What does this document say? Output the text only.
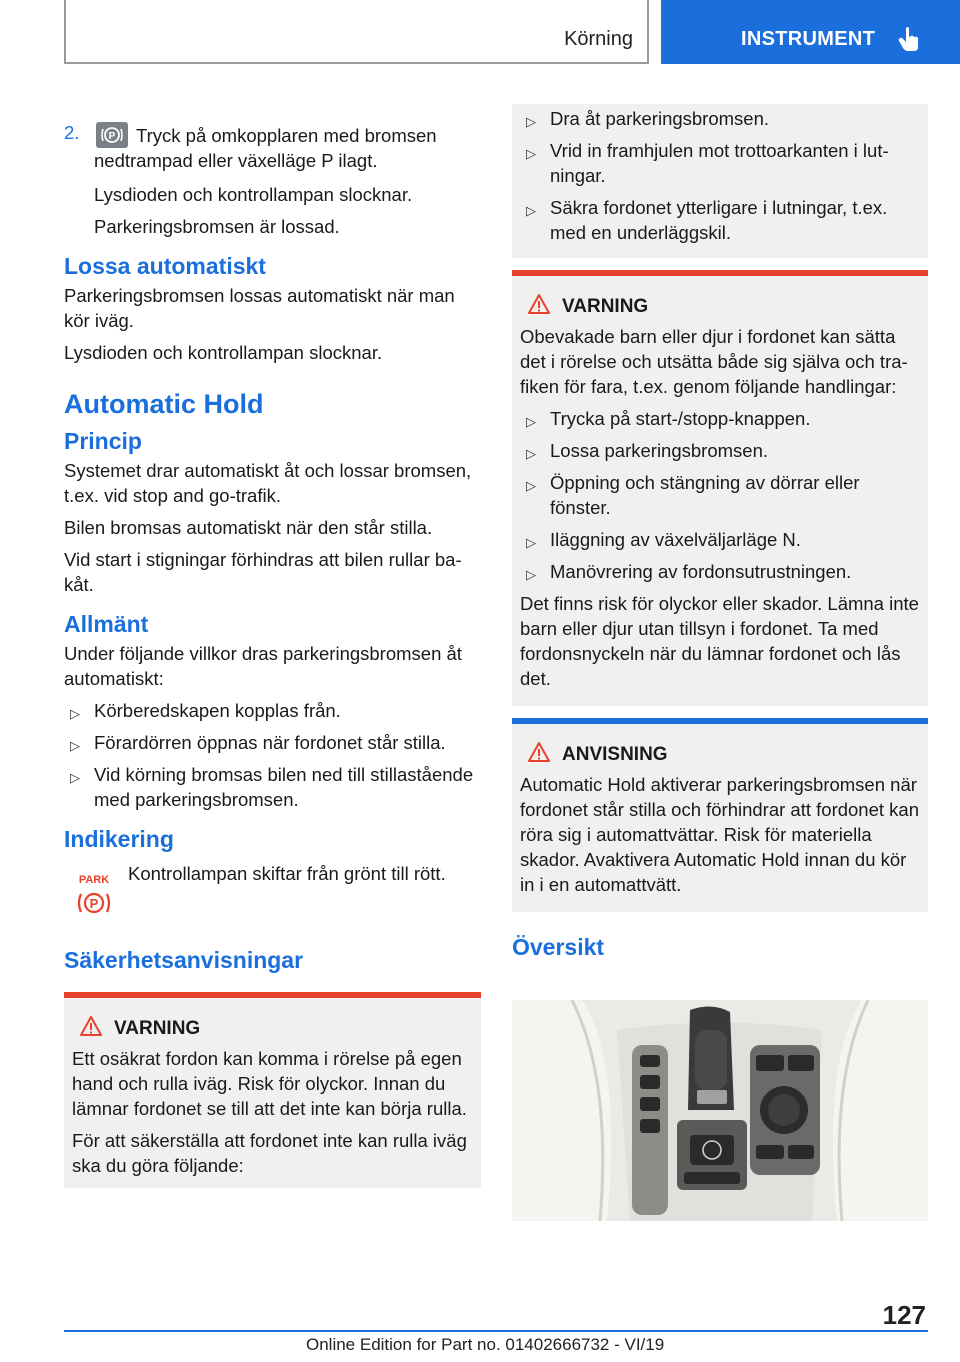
Körning	INSTRUMENT
2.	P Tryck på omkopplaren med bromsen nedtrampad eller växelläge P ilagt.

Lysdioden och kontrollampan slocknar.

Parkeringsbromsen är lossad.

Lossa automatiskt

Parkeringsbromsen lossas automatiskt när man kör iväg.

Lysdioden och kontrollampan slocknar.

Automatic Hold
Princip

Systemet drar automatiskt åt och lossar bromsen, t.ex. vid stop and go-trafik.

Bilen bromsas automatiskt när den står stilla.

Vid start i stigningar förhindras att bilen rullar bakåt.

Allmänt

Under följande villkor dras parkeringsbromsen åt automatiskt:

▷ Körberedskapen kopplas från.
▷ Förardörren öppnas när fordonet står stilla.
▷ Vid körning bromsas bilen ned till stillastående med parkeringsbromsen.
Indikering
PARK
P
Kontrollampan skiftar från grönt till rött.
Säkerhetsanvisningar
VARNING

Ett osäkrat fordon kan komma i rörelse på egen hand och rulla iväg. Risk för olyckor. Innan du lämnar fordonet se till att det inte kan börja rulla.

För att säkerställa att fordonet inte kan rulla iväg ska du göra följande:

▷ Dra åt parkeringsbromsen.
▷ Vrid in framhjulen mot trottoarkanten i lutningar.
▷ Säkra fordonet ytterligare i lutningar, t.ex. med en underläggskil.
VARNING

Obevakade barn eller djur i fordonet kan sätta det i rörelse och utsätta både sig själva och trafiken för fara, t.ex. genom följande handlingar:

▷ Trycka på start-/stopp-knappen.
▷ Lossa parkeringsbromsen.
▷ Öppning och stängning av dörrar eller fönster.
▷ Iläggning av växelväljarläge N.
▷ Manövrering av fordonsutrustningen.

Det finns risk för olyckor eller skador. Lämna inte barn eller djur utan tillsyn i fordonet. Ta med fordonsnyckeln när du lämnar fordonet och lås det.

ANVISNING

Automatic Hold aktiverar parkeringsbromsen när fordonet står stilla och förhindrar att fordonet kan röra sig i automattvättar. Risk för materiella skador. Avaktivera Automatic Hold innan du kör in i en automattvätt.

Översikt
127
Online Edition for Part no. 01402666732 - VI/19
